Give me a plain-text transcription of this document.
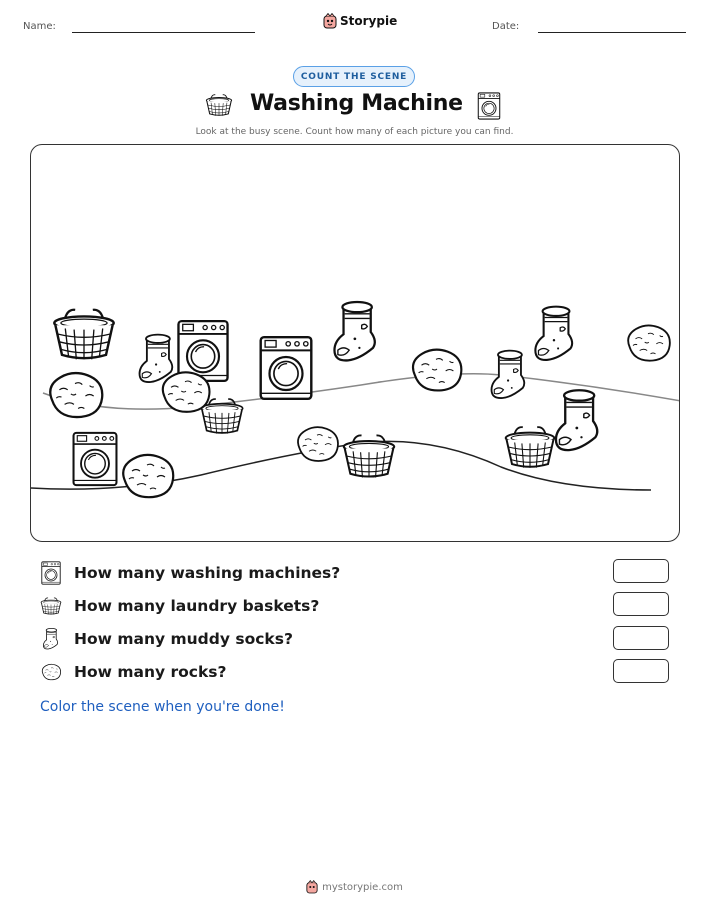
Name:	Storypie	Date:
COUNT THE SCENE
Washing Machine
Look at the busy scene. Count how many of each picture you can find.
How many washing machines?
How many laundry baskets?
How many muddy socks?
How many rocks?
Color the scene when you're done!
mystorypie.com
